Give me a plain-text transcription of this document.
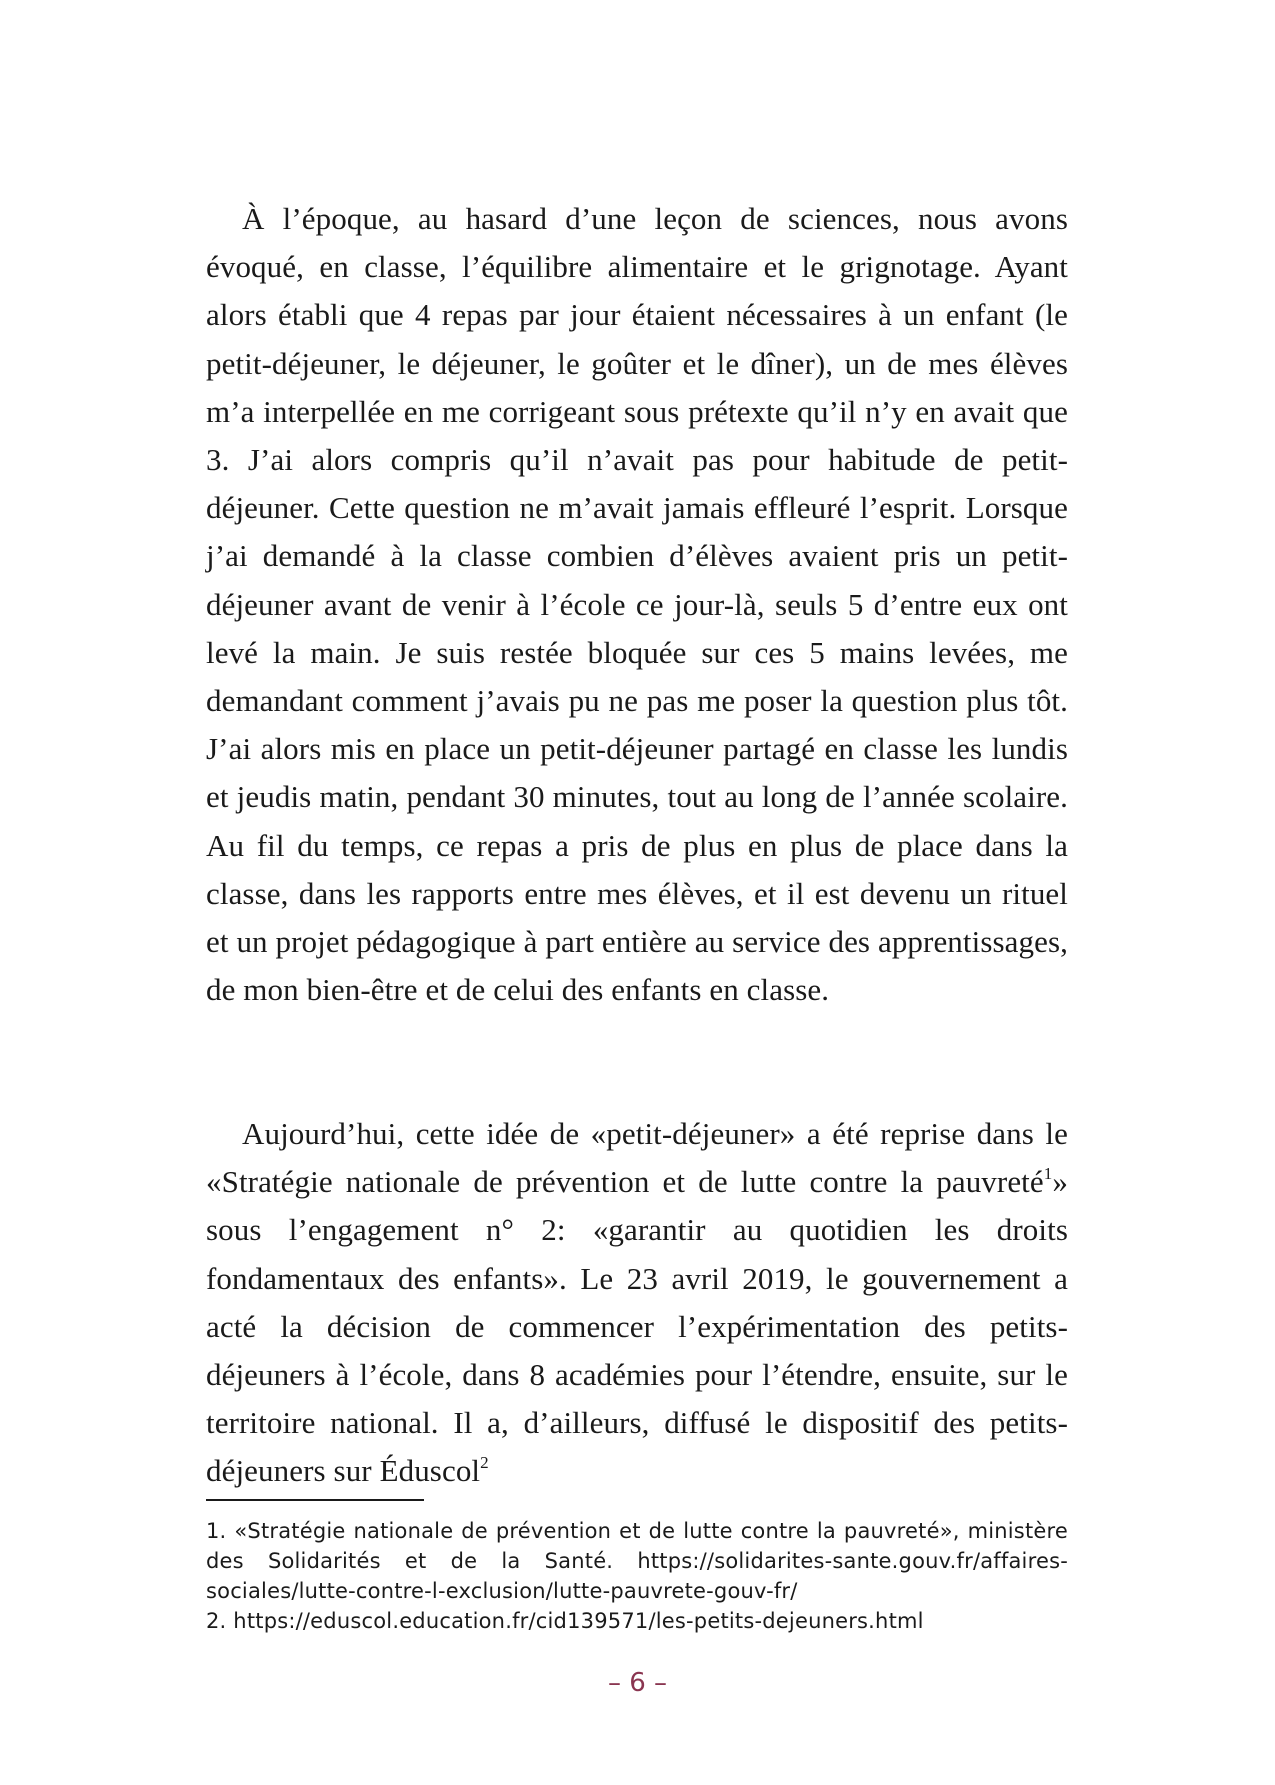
À l’époque, au hasard d’une leçon de sciences, nous avons évoqué, en classe, l’équilibre alimentaire et le grignotage. Ayant alors établi que 4 repas par jour étaient nécessaires à un enfant (le petit-déjeuner, le déjeuner, le goûter et le dîner), un de mes élèves m’a interpellée en me corrigeant sous prétexte qu’il n’y en avait que 3. J’ai alors compris qu’il n’avait pas pour habitude de petit-déjeuner. Cette question ne m’avait jamais effleuré l’esprit. Lorsque j’ai demandé à la classe combien d’élèves avaient pris un petit-déjeuner avant de venir à l’école ce jour-là, seuls 5 d’entre eux ont levé la main. Je suis restée bloquée sur ces 5 mains levées, me demandant comment j’avais pu ne pas me poser la question plus tôt. J’ai alors mis en place un petit-déjeuner partagé en classe les lundis et jeudis matin, pendant 30 minutes, tout au long de l’année scolaire. Au fil du temps, ce repas a pris de plus en plus de place dans la classe, dans les rapports entre mes élèves, et il est devenu un rituel et un projet pédagogique à part entière au service des apprentissages, de mon bien-être et de celui des enfants en classe.

Aujourd’hui, cette idée de «petit-déjeuner» a été reprise dans le «Stratégie nationale de prévention et de lutte contre la pauvreté$^1$» sous l’engagement n° 2: «garantir au quotidien les droits fondamentaux des enfants». Le 23 avril 2019, le gouvernement a acté la décision de commencer l’expérimentation des petits-déjeuners à l’école, dans 8 académies pour l’étendre, ensuite, sur le territoire national. Il a, d’ailleurs, diffusé le dispositif des petits-déjeuners sur Éduscol$^2$

1. «Stratégie nationale de prévention et de lutte contre la pauvreté», ministère des Solidarités et de la Santé. https://solidarites-sante.gouv.fr/affaires-sociales/lutte-contre-l-exclusion/lutte-pauvrete-gouv-fr/

2. https://eduscol.education.fr/cid139571/les-petits-dejeuners.html

– 6 –
